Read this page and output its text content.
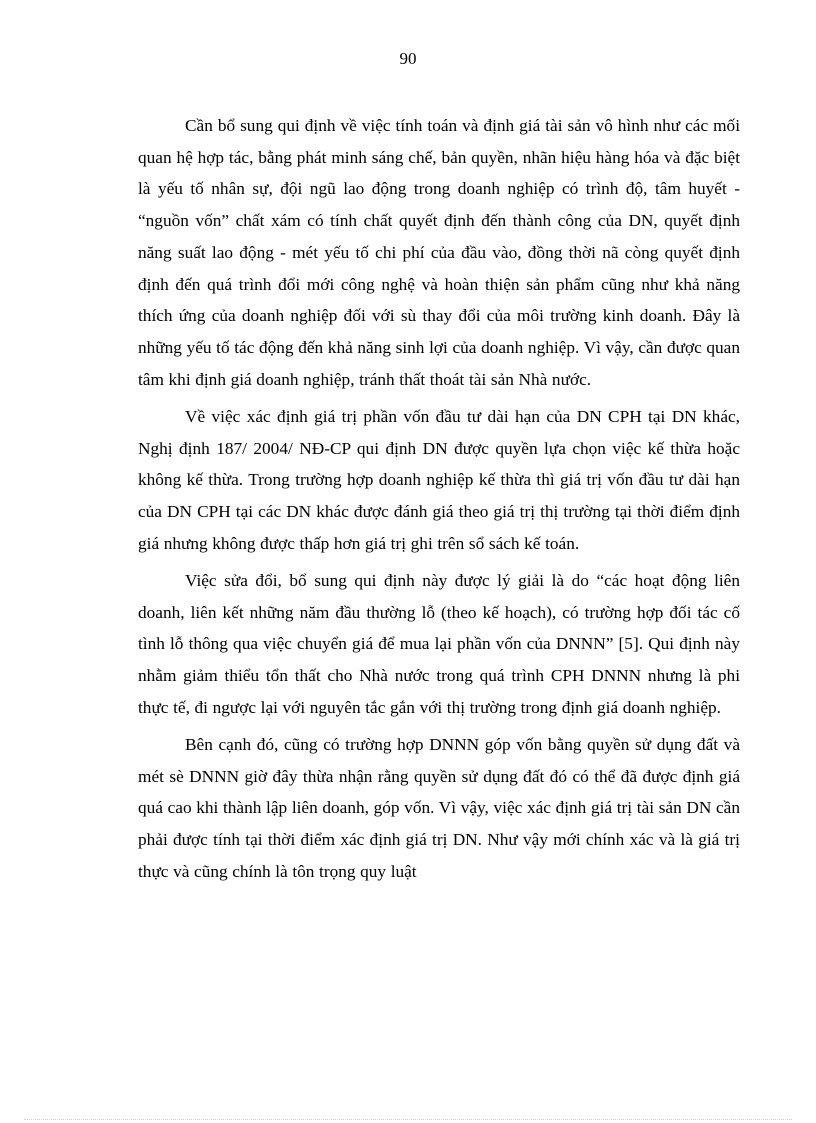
90

Cần bổ sung qui định về việc tính toán và định giá tài sản vô hình như các mối quan hệ hợp tác, bằng phát minh sáng chế, bản quyền, nhãn hiệu hàng hóa và đặc biệt là yếu tố nhân sự, đội ngũ lao động trong doanh nghiệp có trình độ, tâm huyết - “nguồn vốn” chất xám có tính chất quyết định đến thành công của DN, quyết định năng suất lao động - mét yếu tố chi phí của đầu vào, đồng thời nã còng quyết định định đến quá trình đổi mới công nghệ và hoàn thiện sản phẩm cũng như khả năng thích ứng của doanh nghiệp đối với sù thay đổi của môi trường kinh doanh. Đây là những yếu tố tác động đến khả năng sinh lợi của doanh nghiệp. Vì vậy, cần được quan tâm khi định giá doanh nghiệp, tránh thất thoát tài sản Nhà nước.

Về việc xác định giá trị phần vốn đầu tư dài hạn của DN CPH tại DN khác, Nghị định 187/ 2004/ NĐ-CP qui định DN được quyền lựa chọn việc kế thừa hoặc không kế thừa. Trong trường hợp doanh nghiệp kế thừa thì giá trị vốn đầu tư dài hạn của DN CPH tại các DN khác được đánh giá theo giá trị thị trường tại thời điểm định giá nhưng không được thấp hơn giá trị ghi trên sổ sách kế toán.

Việc sửa đổi, bổ sung qui định này được lý giải là do “các hoạt động liên doanh, liên kết những năm đầu thường lỗ (theo kế hoạch), có trường hợp đối tác cố tình lỗ thông qua việc chuyển giá để mua lại phần vốn của DNNN” [5]. Qui định này nhằm giảm thiểu tổn thất cho Nhà nước trong quá trình CPH DNNN nhưng là phi thực tế, đi ngược lại với nguyên tắc gắn với thị trường trong định giá doanh nghiệp.

Bên cạnh đó, cũng có trường hợp DNNN góp vốn bằng quyền sử dụng đất và mét sè DNNN giờ đây thừa nhận rằng quyền sử dụng đất đó có thể đã được định giá quá cao khi thành lập liên doanh, góp vốn. Vì vậy, việc xác định giá trị tài sản DN cần phải được tính tại thời điểm xác định giá trị DN. Như vậy mới chính xác và là giá trị thực và cũng chính là tôn trọng quy luật
